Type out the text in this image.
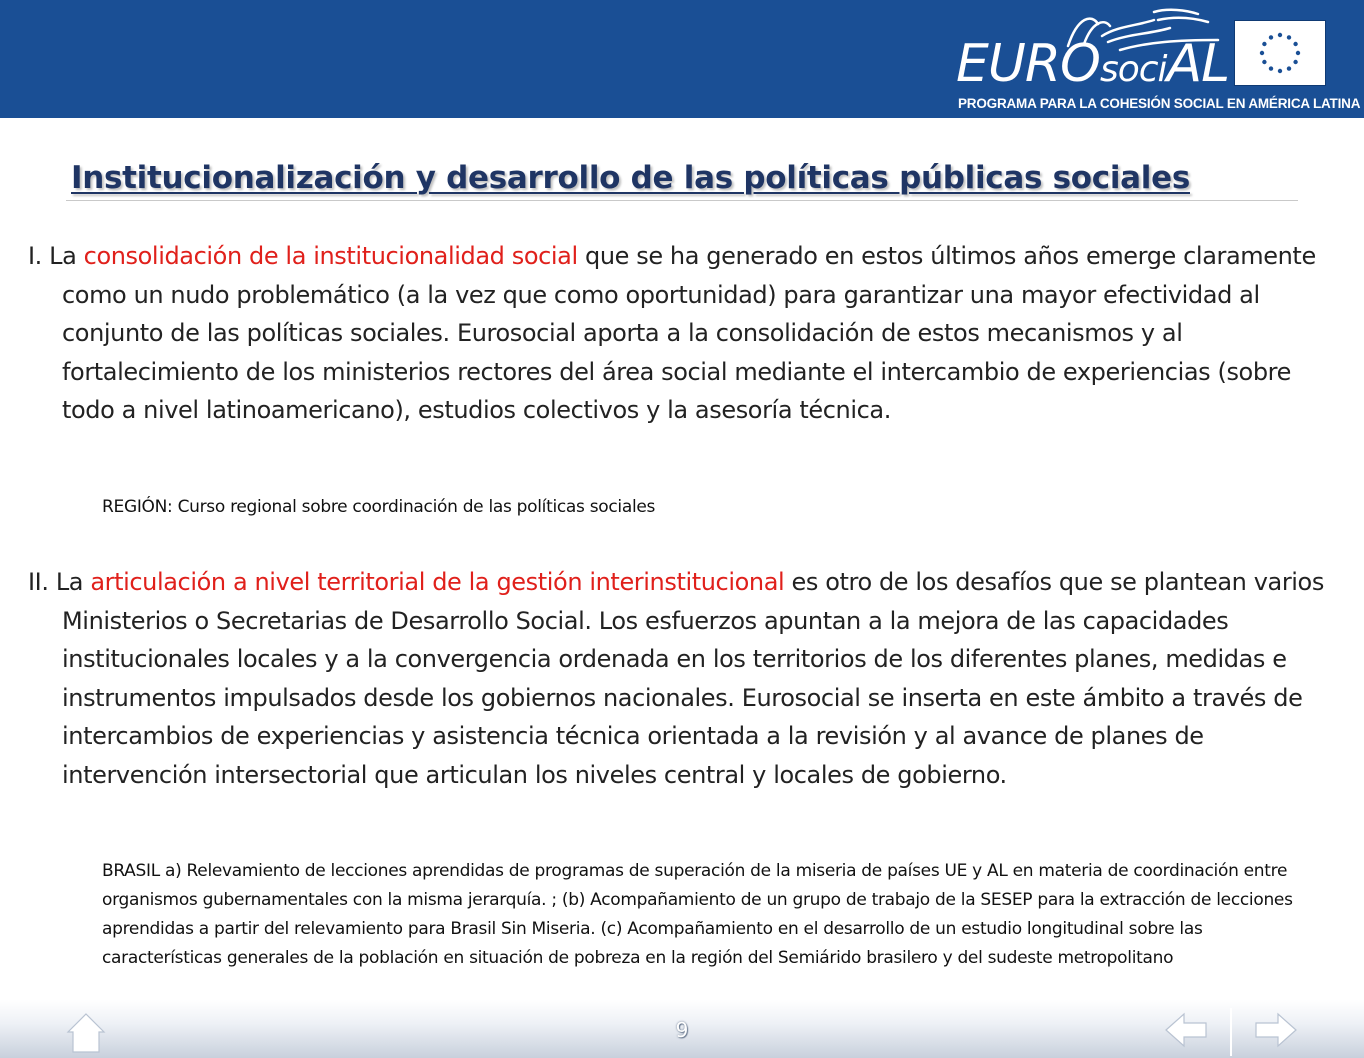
EUROsociAL
PROGRAMA PARA LA COHESIÓN SOCIAL EN AMÉRICA LATINA
Institucionalización y desarrollo de las políticas públicas sociales

I. La consolidación de la institucionalidad social que se ha generado en estos últimos años emerge claramente como un nudo problemático (a la vez que como oportunidad) para garantizar una mayor efectividad al conjunto de las políticas sociales. Eurosocial aporta a la consolidación de estos mecanismos y al fortalecimiento de los ministerios rectores del área social mediante el intercambio de experiencias (sobre todo a nivel latinoamericano), estudios colectivos y la asesoría técnica.

REGIÓN: Curso regional sobre coordinación de las políticas sociales

II. La articulación a nivel territorial de la gestión interinstitucional es otro de los desafíos que se plantean varios Ministerios o Secretarias de Desarrollo Social. Los esfuerzos apuntan a la mejora de las capacidades institucionales locales y a la convergencia ordenada en los territorios de los diferentes planes, medidas e instrumentos impulsados desde los gobiernos nacionales. Eurosocial se inserta en este ámbito a través de intercambios de experiencias y asistencia técnica orientada a la revisión y al avance de planes de intervención intersectorial que articulan los niveles central y locales de gobierno.

BRASIL a) Relevamiento de lecciones aprendidas de programas de superación de la miseria de países UE y AL en materia de coordinación entre organismos gubernamentales con la misma jerarquía. ; (b) Acompañamiento de un grupo de trabajo de la SESEP para la extracción de lecciones aprendidas a partir del relevamiento para Brasil Sin Miseria. (c) Acompañamiento en el desarrollo de un estudio longitudinal sobre las características generales de la población en situación de pobreza en la región del Semiárido brasilero y del sudeste metropolitano

9
